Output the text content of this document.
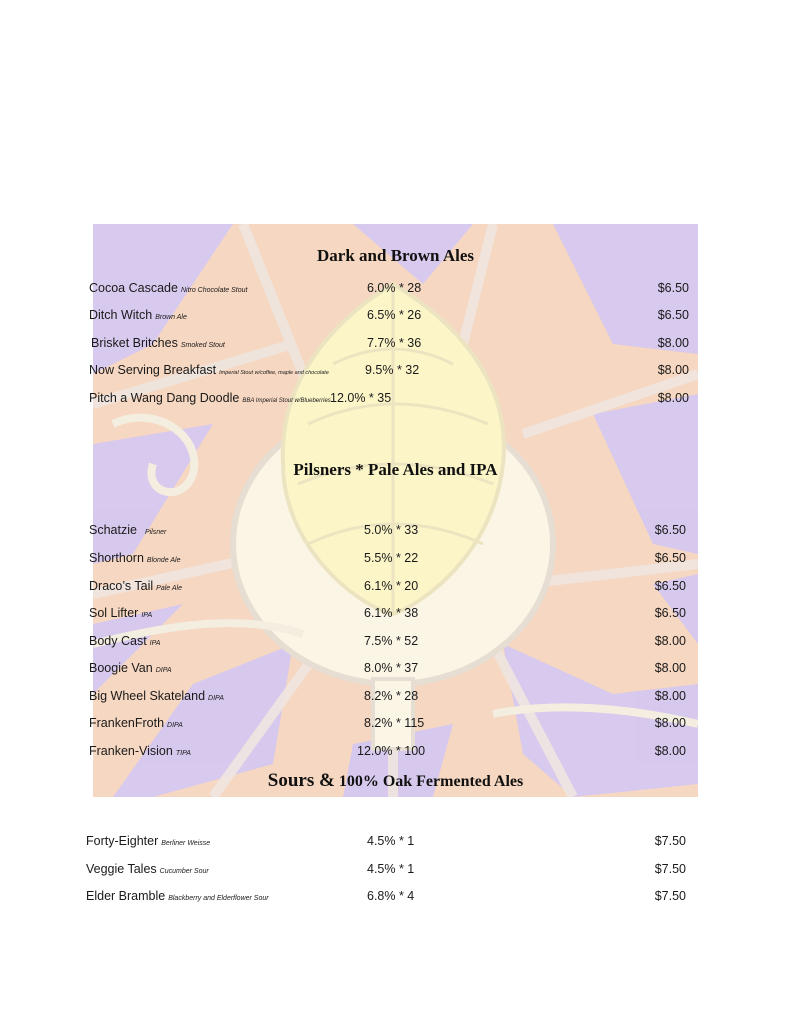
Dark and Brown Ales
Cocoa Cascade Nitro Chocolate Stout	6.0% * 28	$6.50
Ditch Witch Brown Ale	6.5% * 26	$6.50
Brisket Britches Smoked Stout	7.7% * 36	$8.00
Now Serving Breakfast Imperial Stout w/coffee, maple and chocolate	9.5% * 32	$8.00
Pitch a Wang Dang Doodle BBA Imperial Stout w/Blueberries 12.0% * 35	$8.00
Pilsners * Pale Ales and IPA
Schatzie Pilsner	5.0% * 33	$6.50
Shorthorn Blonde Ale	5.5% * 22	$6.50
Draco’s Tail Pale Ale	6.1% * 20	$6.50
Sol Lifter IPA	6.1% * 38	$6.50
Body Cast IPA	7.5% * 52	$8.00
Boogie Van DIPA	8.0% * 37	$8.00
Big Wheel Skateland DIPA	8.2% * 28	$8.00
FrankenFroth DIPA	8.2% * 115	$8.00
Franken-Vision TIPA	12.0% * 100	$8.00
Sours & 100% Oak Fermented Ales
Forty-Eighter Berliner Weisse	4.5% * 1	$7.50
Veggie Tales Cucumber Sour	4.5% * 1	$7.50
Elder Bramble Blackberry and Elderflower Sour	6.8% * 4	$7.50
